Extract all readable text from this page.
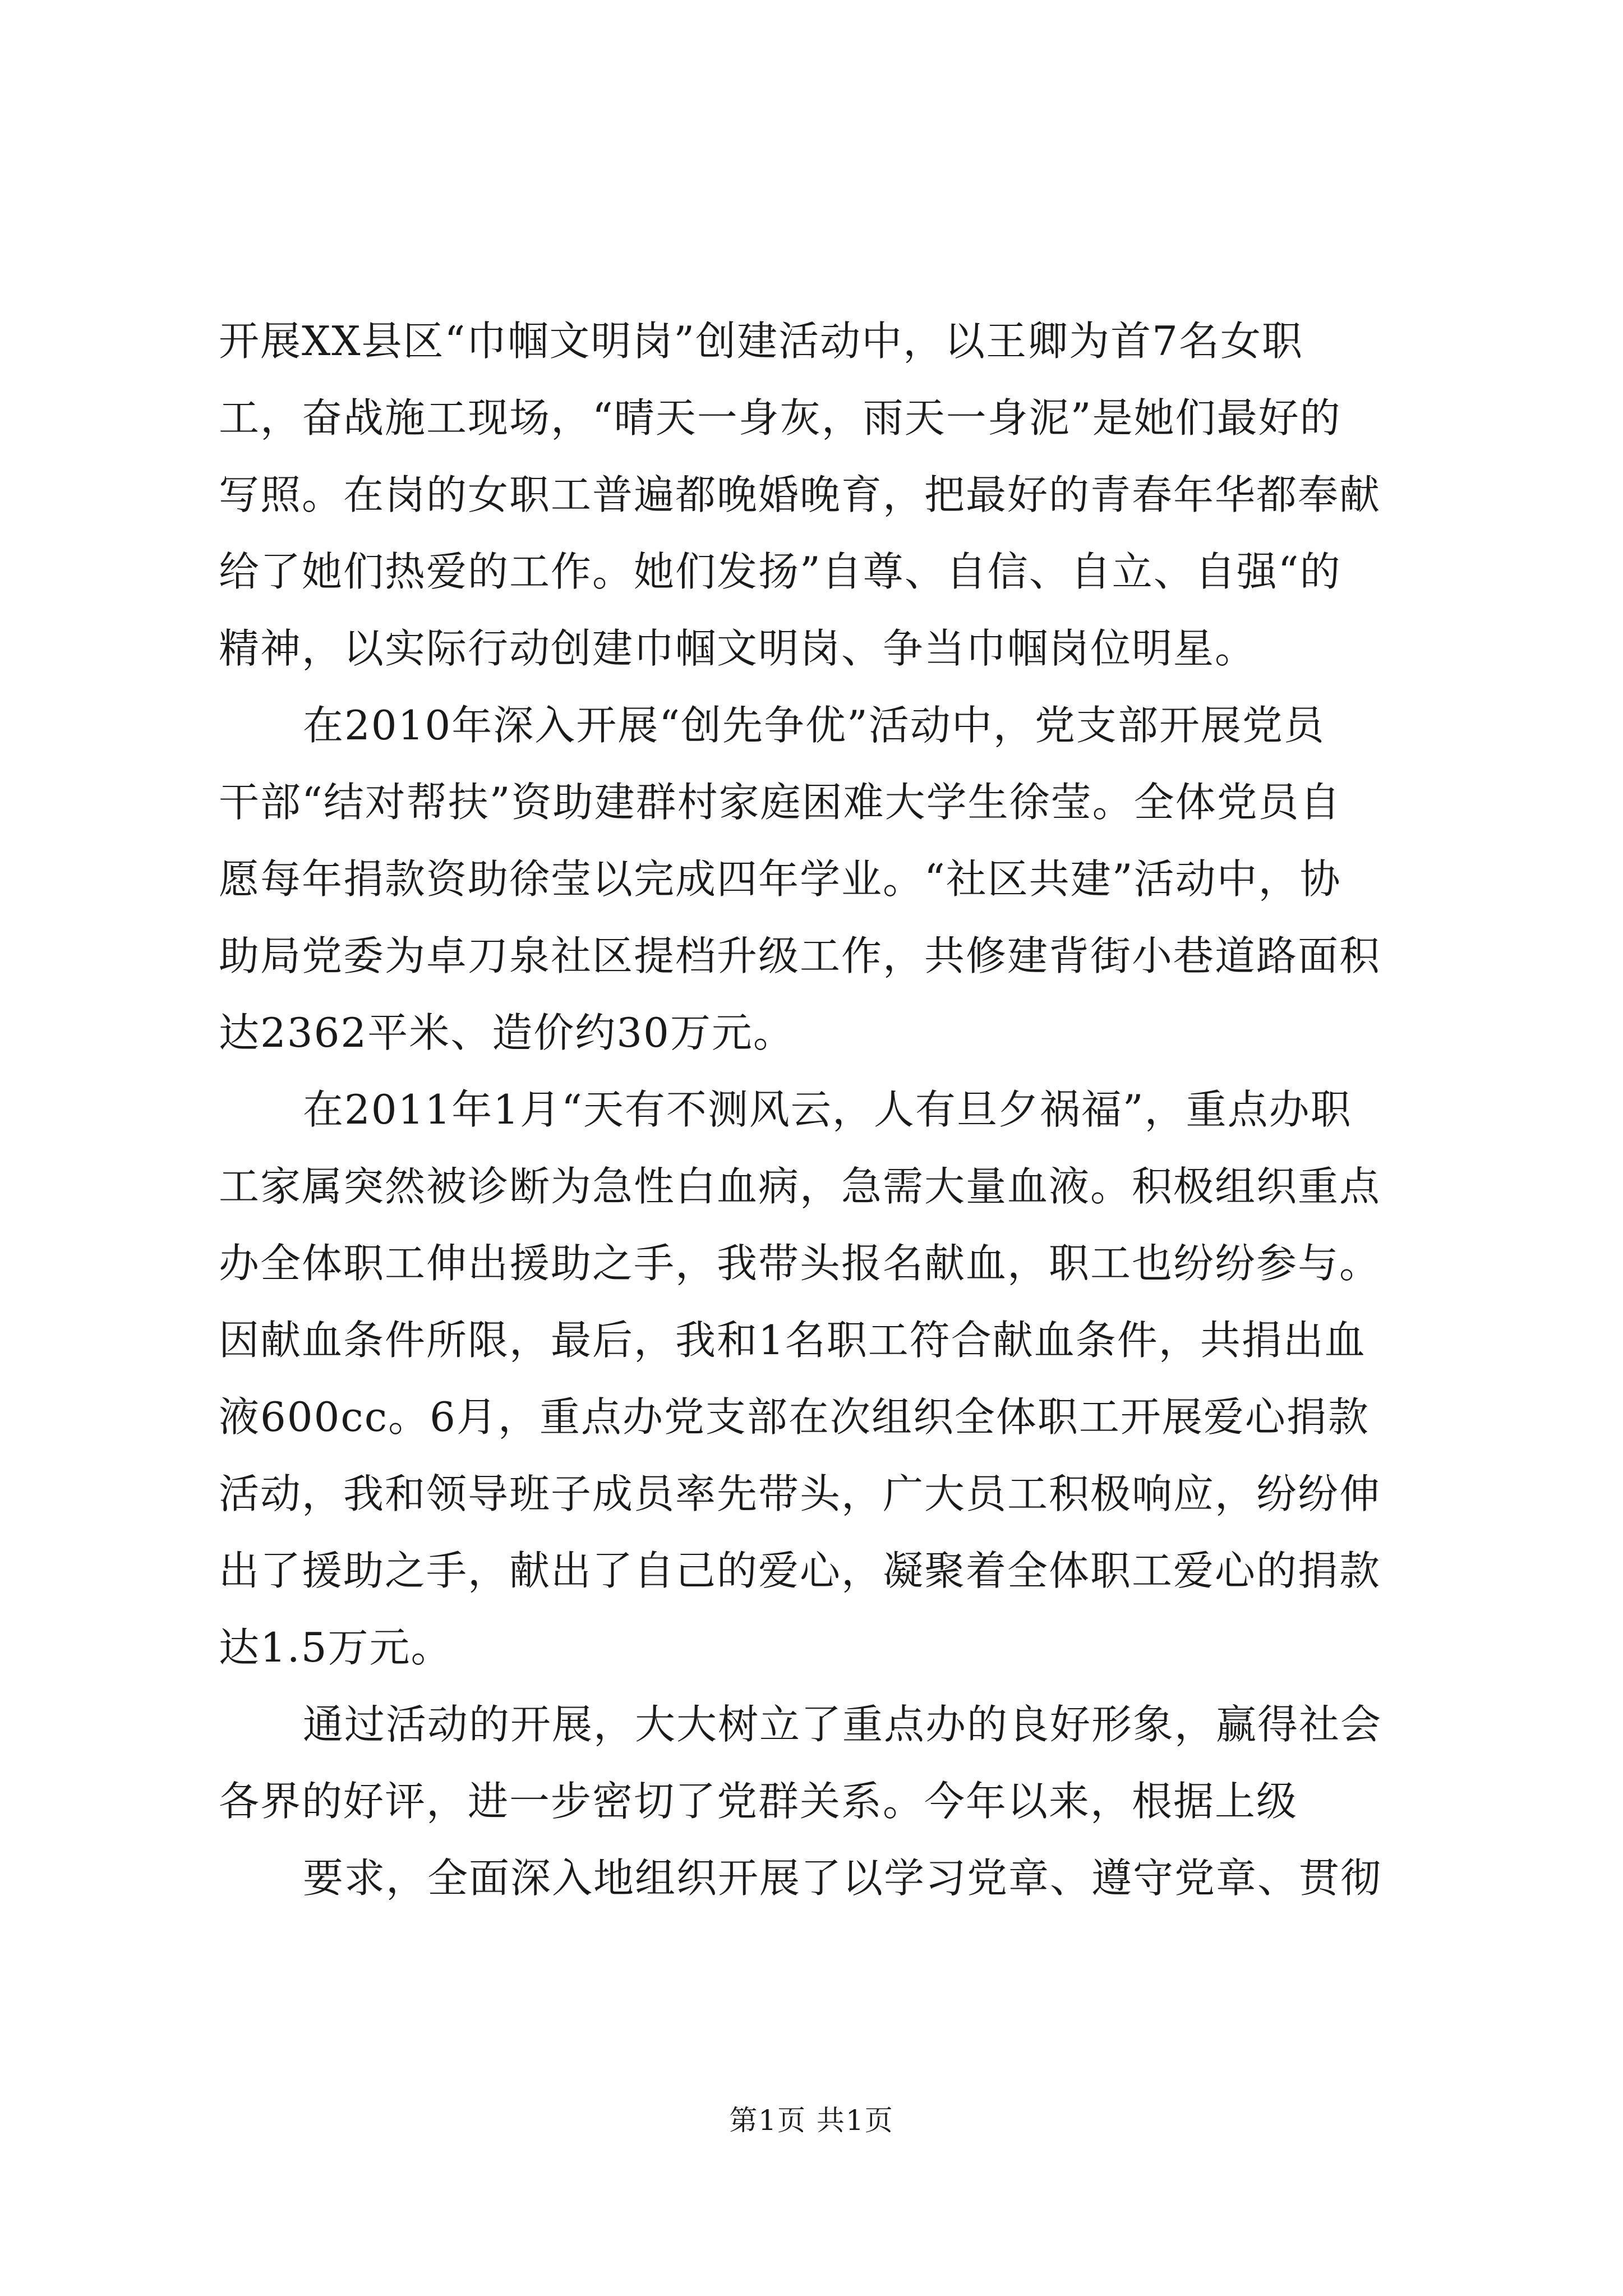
开展XX县区“巾帼文明岗”创建活动中，以王卿为首7名女职
工，奋战施工现场，“晴天一身灰，雨天一身泥”是她们最好的
写照。在岗的女职工普遍都晚婚晚育，把最好的青春年华都奉献
给了她们热爱的工作。她们发扬”自尊、自信、自立、自强“的
精神，以实际行动创建巾帼文明岗、争当巾帼岗位明星。
在2010年深入开展“创先争优”活动中，党支部开展党员
干部“结对帮扶”资助建群村家庭困难大学生徐莹。全体党员自
愿每年捐款资助徐莹以完成四年学业。“社区共建”活动中，协
助局党委为卓刀泉社区提档升级工作，共修建背街小巷道路面积
达2362平米、造价约30万元。
在2011年1月“天有不测风云，人有旦夕祸福”，重点办职
工家属突然被诊断为急性白血病，急需大量血液。积极组织重点
办全体职工伸出援助之手，我带头报名献血，职工也纷纷参与。
因献血条件所限，最后，我和1名职工符合献血条件，共捐出血
液600cc。6月，重点办党支部在次组织全体职工开展爱心捐款
活动，我和领导班子成员率先带头，广大员工积极响应，纷纷伸
出了援助之手，献出了自己的爱心，凝聚着全体职工爱心的捐款
达1.5万元。
通过活动的开展，大大树立了重点办的良好形象，赢得社会
各界的好评，进一步密切了党群关系。今年以来，根据上级
要求，全面深入地组织开展了以学习党章、遵守党章、贯彻
第1页 共1页
